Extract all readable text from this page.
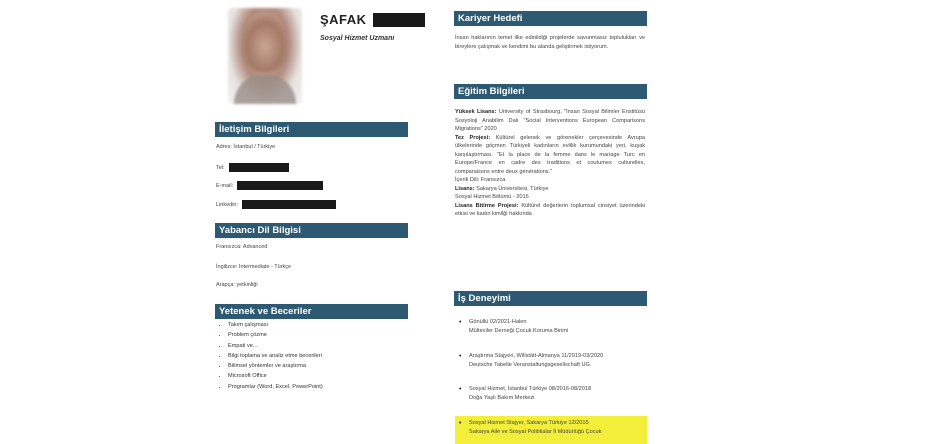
ŞAFAK
Sosyal Hizmet Uzmanı
İletişim Bilgileri
Adres: İstanbul / Türkiye
Tel:
E-mail:
Linkedin:
Yabancı Dil Bilgisi
Fransızca: Advanced
İngilizce: Intermediate - Türkçe
Arapça: yetkinliği
Yetenek ve Beceriler
• Takım çalışması
• Problem çözme
• Empati ve...
• Bilgi toplama ve analiz etme becerileri
• Bilimsel yöntemler ve araştırma
• Microsoft Office
• Programlar (Word, Excel, PowerPoint)
Kariyer Hedefi
İnsan haklarının temel ilke edinildiği projelerde savunmasız toplulukları ve bireylere çalışmak ve kendimi bu alanda geliştirmek istiyorum.
Eğitim Bilgileri
Yüksek Lisans: University of Strasbourg, "İnsan Sosyal Bilimler Enstitüsü Sosyoloji Anabilim Dalı "Social Interventions European Comparisons Migrations" 2020
Tez Projesi: Kültürel gelenek ve görenekler çerçevesinde Avrupa ülkelerinde göçmen Türkiyeli kadınların evlilik kurumundaki yeri, kuşak karşılaştırması. "Et la place de la femme dans le mariage Turc en Europe/France en cadre des traditions et coutumes culturelles, comparaisons entre deux générations."
İçerik Dili: Fransızca
Lisans: Sakarya Üniversitesi, Türkiye
Sosyal Hizmet Bölümü - 2016
Lisans Bitirme Projesi: Kültürel değerlerin toplumsal cinsiyet üzerindeki etkisi ve kadın kimliği hakkında
İş Deneyimi
• Gönüllü 02/2021-Halen
Mülteciler Derneği Çocuk Koruma Birimi
• Araştırma Stajyeri, Willstätt-Almanya 11/2019-03/2020
Deutsche Tabelle Veranstaltungsgesellschaft UG.
• Sosyal Hizmet, İstanbul Türkiye 08/2016-08/2018
Doğa Yaşlı Bakım Merkezi
• Sosyal Hizmet Stajyer, Sakarya Türkiye 12/2015
Sakarya Aile ve Sosyal Politikalar İl Müdürlüğü Çocuk
